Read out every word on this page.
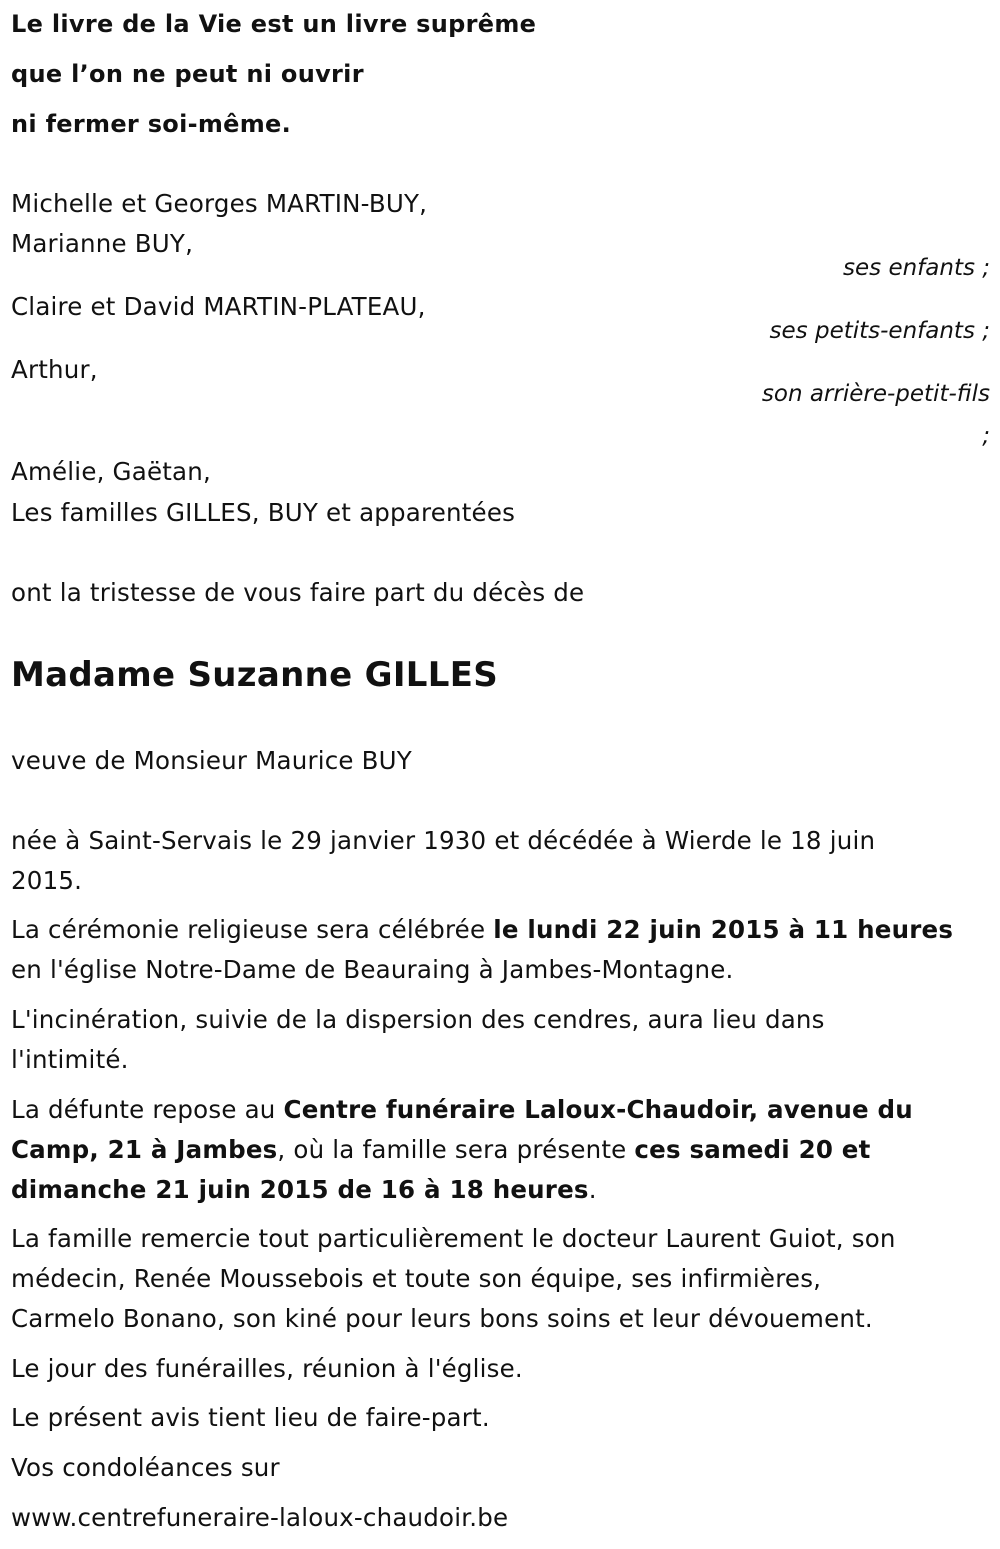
Le livre de la Vie est un livre suprême
que l’on ne peut ni ouvrir
ni fermer soi-même.
Michelle et Georges MARTIN-BUY,
Marianne BUY,
ses enfants ;
Claire et David MARTIN-PLATEAU,
ses petits-enfants ;
Arthur,
son arrière-petit-fils
;
Amélie, Gaëtan,
Les familles GILLES, BUY et apparentées
ont la tristesse de vous faire part du décès de
Madame Suzanne GILLES
veuve de Monsieur Maurice BUY
née à Saint-Servais le 29 janvier 1930 et décédée à Wierde le 18 juin
2015.
La cérémonie religieuse sera célébrée le lundi 22 juin 2015 à 11 heures
en l'église Notre-Dame de Beauraing à Jambes-Montagne.
L'incinération, suivie de la dispersion des cendres, aura lieu dans
l'intimité.
La défunte repose au Centre funéraire Laloux-Chaudoir, avenue du
Camp, 21 à Jambes, où la famille sera présente ces samedi 20 et
dimanche 21 juin 2015 de 16 à 18 heures.
La famille remercie tout particulièrement le docteur Laurent Guiot, son
médecin, Renée Moussebois et toute son équipe, ses infirmières,
Carmelo Bonano, son kiné pour leurs bons soins et leur dévouement.
Le jour des funérailles, réunion à l'église.
Le présent avis tient lieu de faire-part.
Vos condoléances sur
www.centrefuneraire-laloux-chaudoir.be
